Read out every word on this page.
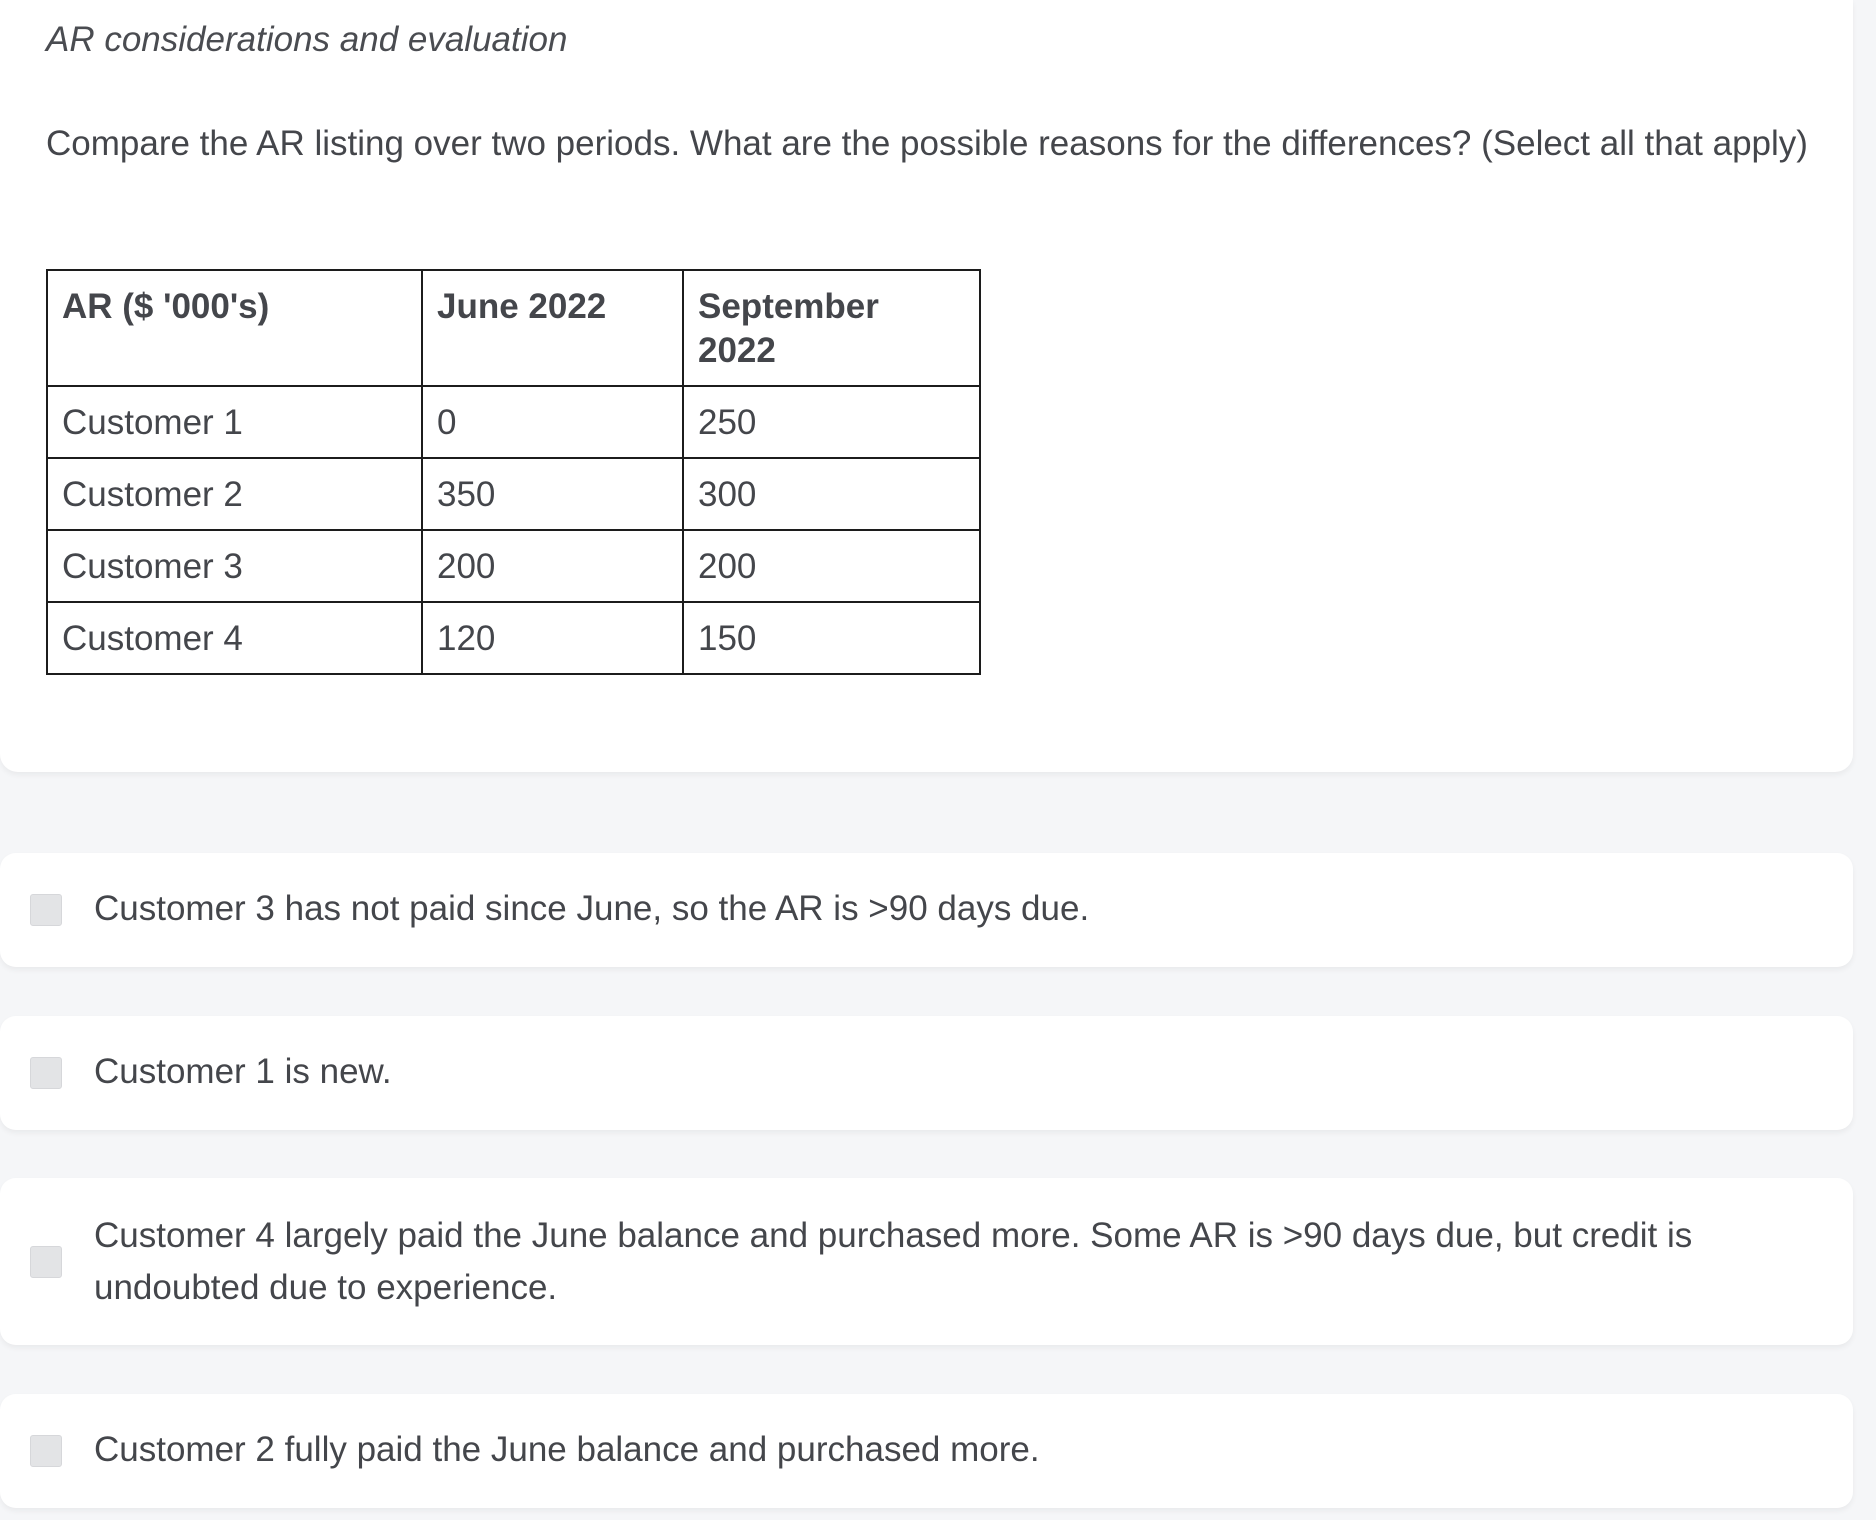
AR considerations and evaluation

Compare the AR listing over two periods. What are the possible reasons for the differences? (Select all that apply)

AR ($ '000's)	June 2022	September 2022
Customer 1	0	250
Customer 2	350	300
Customer 3	200	200
Customer 4	120	150
Customer 3 has not paid since June, so the AR is >90 days due.
Customer 1 is new.
Customer 4 largely paid the June balance and purchased more. Some AR is >90 days due, but credit is undoubted due to experience.
Customer 2 fully paid the June balance and purchased more.
